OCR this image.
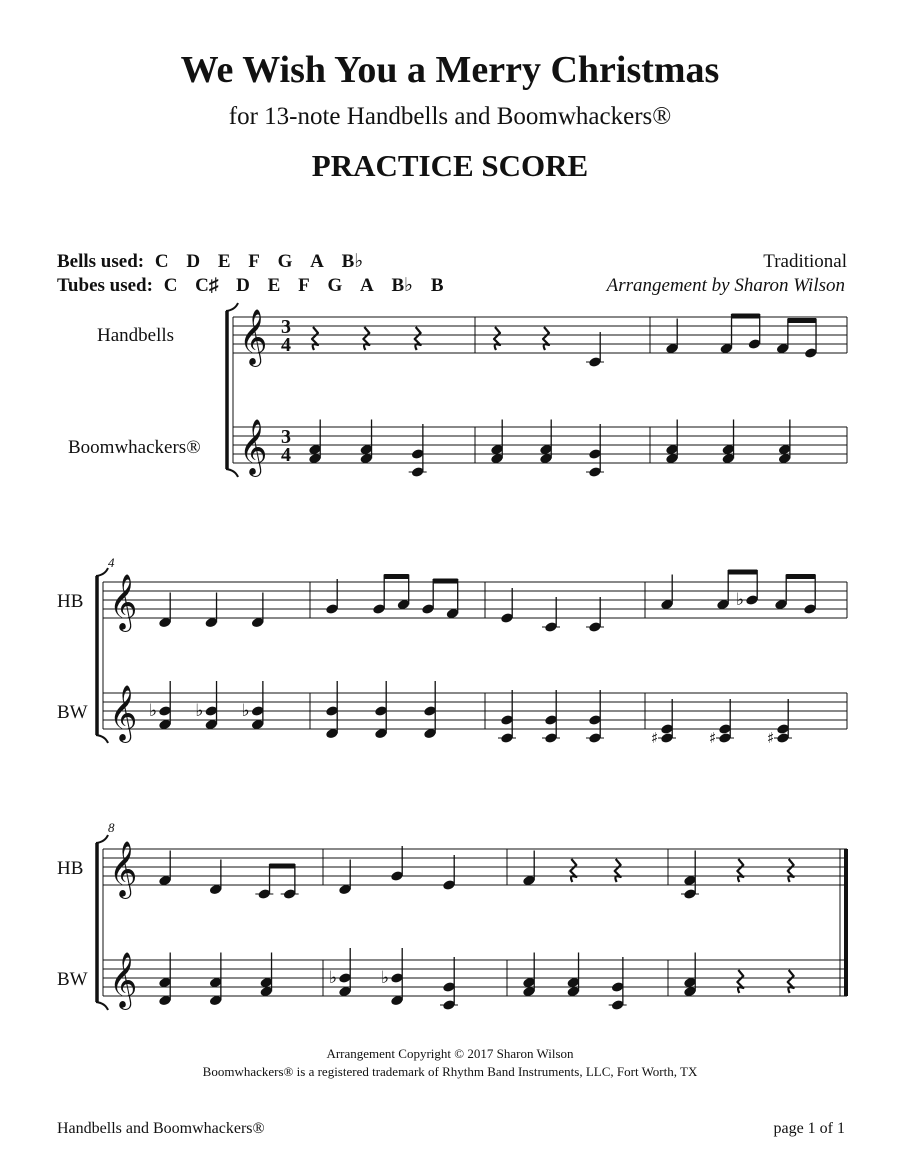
We Wish You a Merry Christmas
for 13-note Handbells and Boomwhackers®
PRACTICE SCORE
Bells used: C D E F G A B♭
Tubes used: C C♯ D E F G A B♭ B
Traditional
Arrangement by Sharon Wilson
Handbells
Boomwhackers®
HB
BW
HB
BW
4
8
𝄞 3
4
𝄞 3
4
𝄞	♭
𝄞 ♭ ♭ ♭
♯	♯	♯
𝄞
𝄞	♭	♭
Arrangement Copyright © 2017 Sharon Wilson
Boomwhackers® is a registered trademark of Rhythm Band Instruments, LLC, Fort Worth, TX
Handbells and Boomwhackers®	page 1 of 1
